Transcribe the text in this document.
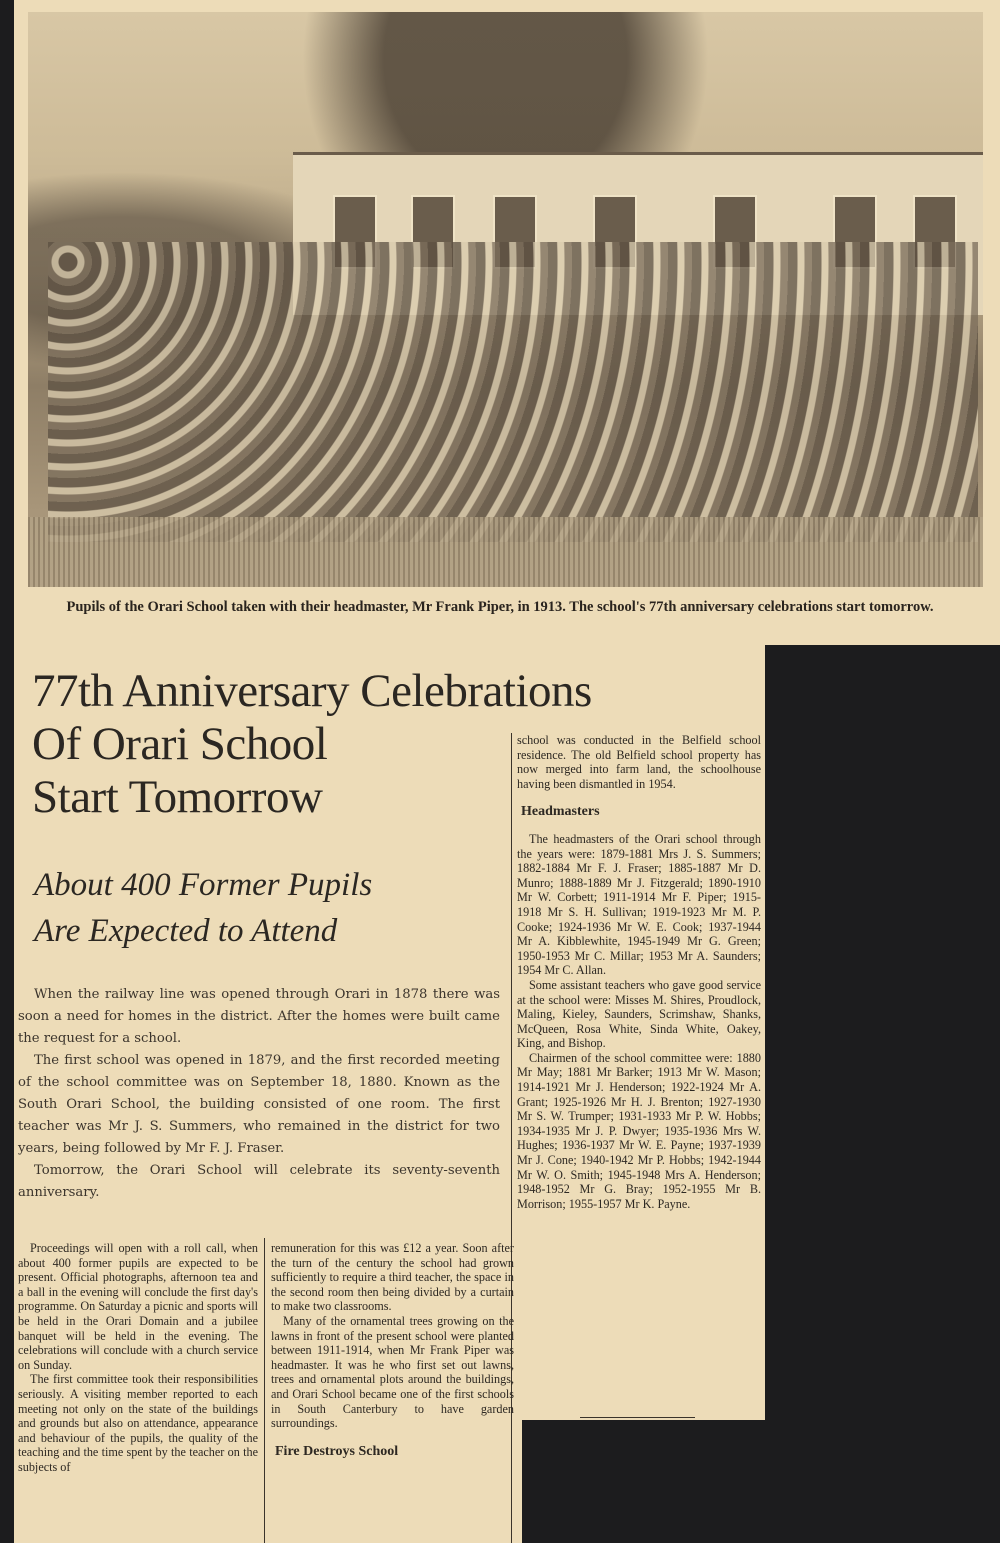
Pupils of the Orari School taken with their headmaster, Mr Frank Piper, in 1913. The school's 77th anniversary celebrations start tomorrow.
77th Anniversary Celebrations
Of Orari School
Start Tomorrow
About 400 Former Pupils
Are Expected to Attend

When the railway line was opened through Orari in 1878 there was soon a need for homes in the district. After the homes were built came the request for a school.

The first school was opened in 1879, and the first recorded meeting of the school committee was on September 18, 1880. Known as the South Orari School, the building consisted of one room. The first teacher was Mr J. S. Summers, who remained in the district for two years, being followed by Mr F. J. Fraser.

Tomorrow, the Orari School will celebrate its seventy-seventh anniversary.

Proceedings will open with a roll call, when about 400 former pupils are expected to be present. Official photographs, afternoon tea and a ball in the evening will conclude the first day's programme. On Saturday a picnic and sports will be held in the Orari Domain and a jubilee banquet will be held in the evening. The celebrations will conclude with a church service on Sunday.

The first committee took their responsibilities seriously. A visiting member reported to each meeting not only on the state of the buildings and grounds but also on attendance, appearance and behaviour of the pupils, the quality of the teaching and the time spent by the teacher on the subjects of

remuneration for this was £12 a year. Soon after the turn of the century the school had grown sufficiently to require a third teacher, the space in the second room then being divided by a curtain to make two classrooms.

Many of the ornamental trees growing on the lawns in front of the present school were planted between 1911-1914, when Mr Frank Piper was headmaster. It was he who first set out lawns, trees and ornamental plots around the buildings, and Orari School became one of the first schools in South Canterbury to have garden surroundings.

Fire Destroys School

school was conducted in the Belfield school residence. The old Belfield school property has now merged into farm land, the schoolhouse having been dismantled in 1954.

Headmasters

The headmasters of the Orari school through the years were: 1879-1881 Mrs J. S. Summers; 1882-1884 Mr F. J. Fraser; 1885-1887 Mr D. Munro; 1888-1889 Mr J. Fitzgerald; 1890-1910 Mr W. Corbett; 1911-1914 Mr F. Piper; 1915-1918 Mr S. H. Sullivan; 1919-1923 Mr M. P. Cooke; 1924-1936 Mr W. E. Cook; 1937-1944 Mr A. Kibblewhite, 1945-1949 Mr G. Green; 1950-1953 Mr C. Millar; 1953 Mr A. Saunders; 1954 Mr C. Allan.

Some assistant teachers who gave good service at the school were: Misses M. Shires, Proudlock, Maling, Kieley, Saunders, Scrimshaw, Shanks, McQueen, Rosa White, Sinda White, Oakey, King, and Bishop.

Chairmen of the school committee were: 1880 Mr May; 1881 Mr Barker; 1913 Mr W. Mason; 1914-1921 Mr J. Henderson; 1922-1924 Mr A. Grant; 1925-1926 Mr H. J. Brenton; 1927-1930 Mr S. W. Trumper; 1931-1933 Mr P. W. Hobbs; 1934-1935 Mr J. P. Dwyer; 1935-1936 Mrs W. Hughes; 1936-1937 Mr W. E. Payne; 1937-1939 Mr J. Cone; 1940-1942 Mr P. Hobbs; 1942-1944 Mr W. O. Smith; 1945-1948 Mrs A. Henderson; 1948-1952 Mr G. Bray; 1952-1955 Mr B. Morrison; 1955-1957 Mr K. Payne.
